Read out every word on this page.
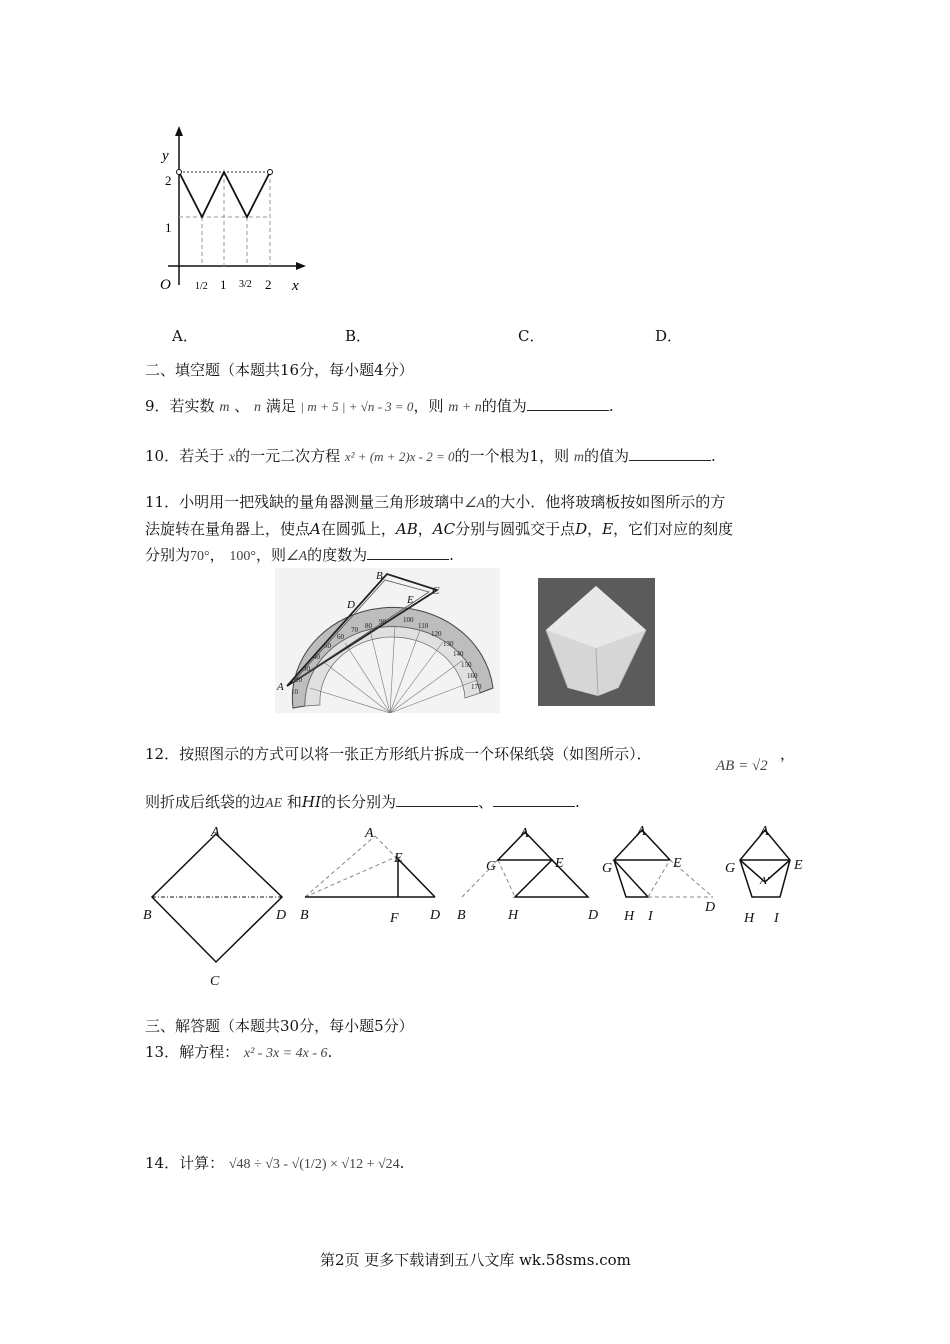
y
x
O
2
1
1/2 1 3/2 2
A．	B．	C．	D．
二、填空题（本题共16分，每小题4分）
9．若实数 m 、 n 满足 | m + 5 | + √n - 3 = 0，则 m + n的值为	.
10．若关于 x的一元二次方程 x² + (m + 2)x - 2 = 0的一个根为1，则 m的值为	.
11．小明用一把残缺的量角器测量三角形玻璃中∠A的大小．他将玻璃板按如图所示的方
法旋转在量角器上，使点A在圆弧上，AB，AC分别与圆弧交于点D，E，它们对应的刻度
分别为70°， 100°，则∠A的度数为	.
90 100
110
120
130
140
150
160
170
80
70
60
50
40
30
20
10
B
C
D	E
A
12．按照图示的方式可以将一张正方形纸片拆成一个环保纸袋（如图所示）．
AB = √2
，
则折成后纸袋的边AE 和HI的长分别为	、	.
A
B	D
C
A
E
B	F D
A
G	E
B	H	D
A
G	E
H I
D
A
G	E
A'
H I
三、解答题（本题共30分，每小题5分）
13．解方程： x² - 3x = 4x - 6.
14．计算： √48 ÷ √3 - √(1/2) × √12 + √24.
第2页 更多下载请到五八文库 wk.58sms.com
